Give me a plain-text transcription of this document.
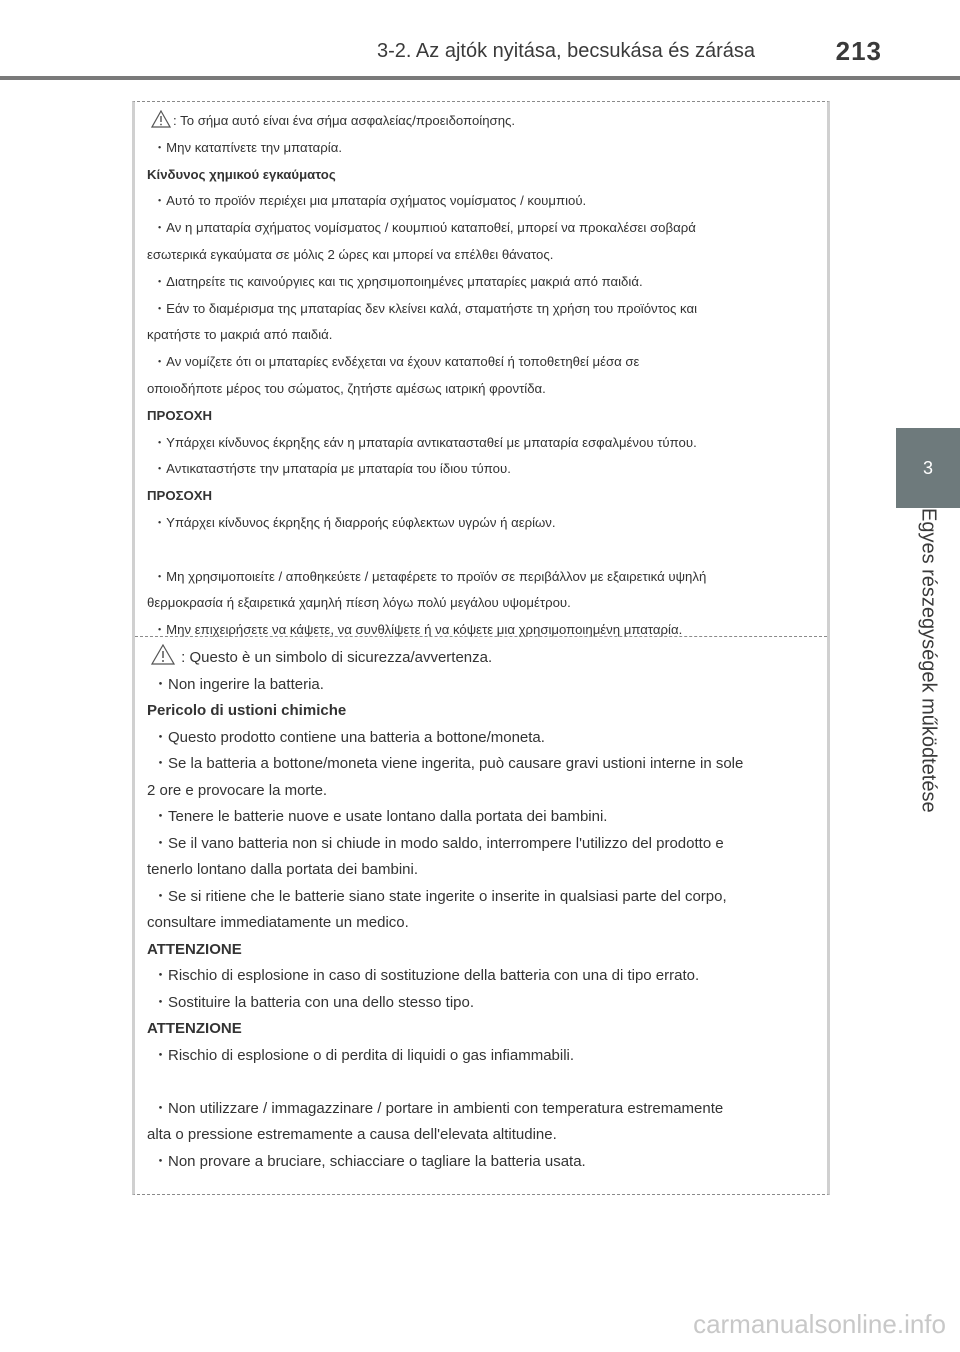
3-2. Az ajtók nyitása, becsukása és zárása	213
3
Egyes részegységek működtetése
: Το σήμα αυτό είναι ένα σήμα ασφαλείας/προειδοποίησης.
・Μην καταπίνετε την μπαταρία.
Κίνδυνος χημικού εγκαύματος
・Αυτό το προϊόν περιέχει μια μπαταρία σχήματος νομίσματος / κουμπιού.
・Αν η μπαταρία σχήματος νομίσματος / κουμπιού καταποθεί, μπορεί να προκαλέσει σοβαρά
εσωτερικά εγκαύματα σε μόλις 2 ώρες και μπορεί να επέλθει θάνατος.
・Διατηρείτε τις καινούργιες και τις χρησιμοποιημένες μπαταρίες μακριά από παιδιά.
・Εάν το διαμέρισμα της μπαταρίας δεν κλείνει καλά, σταματήστε τη χρήση του προϊόντος και
κρατήστε το μακριά από παιδιά.
・Αν νομίζετε ότι οι μπαταρίες ενδέχεται να έχουν καταποθεί ή τοποθετηθεί μέσα σε
οποιοδήποτε μέρος του σώματος, ζητήστε αμέσως ιατρική φροντίδα.
ΠΡΟΣΟΧΗ
・Υπάρχει κίνδυνος έκρηξης εάν η μπαταρία αντικατασταθεί με μπαταρία εσφαλμένου τύπου.
・Αντικαταστήστε την μπαταρία με μπαταρία του ίδιου τύπου.
ΠΡΟΣΟΧΗ
・Υπάρχει κίνδυνος έκρηξης ή διαρροής εύφλεκτων υγρών ή αερίων.
・Μη χρησιμοποιείτε / αποθηκεύετε / μεταφέρετε το προϊόν σε περιβάλλον με εξαιρετικά υψηλή
θερμοκρασία ή εξαιρετικά χαμηλή πίεση λόγω πολύ μεγάλου υψομέτρου.
・Μην επιχειρήσετε να κάψετε, να συνθλίψετε ή να κόψετε μια χρησιμοποιημένη μπαταρία.
: Questo è un simbolo di sicurezza/avvertenza.
・Non ingerire la batteria.
Pericolo di ustioni chimiche
・Questo prodotto contiene una batteria a bottone/moneta.
・Se la batteria a bottone/moneta viene ingerita, può causare gravi ustioni interne in sole
2 ore e provocare la morte.
・Tenere le batterie nuove e usate lontano dalla portata dei bambini.
・Se il vano batteria non si chiude in modo saldo, interrompere l'utilizzo del prodotto e
tenerlo lontano dalla portata dei bambini.
・Se si ritiene che le batterie siano state ingerite o inserite in qualsiasi parte del corpo,
consultare immediatamente un medico.
ATTENZIONE
・Rischio di esplosione in caso di sostituzione della batteria con una di tipo errato.
・Sostituire la batteria con una dello stesso tipo.
ATTENZIONE
・Rischio di esplosione o di perdita di liquidi o gas infiammabili.
・Non utilizzare / immagazzinare / portare in ambienti con temperatura estremamente
alta o pressione estremamente a causa dell'elevata altitudine.
・Non provare a bruciare, schiacciare o tagliare la batteria usata.
carmanualsonline.info
